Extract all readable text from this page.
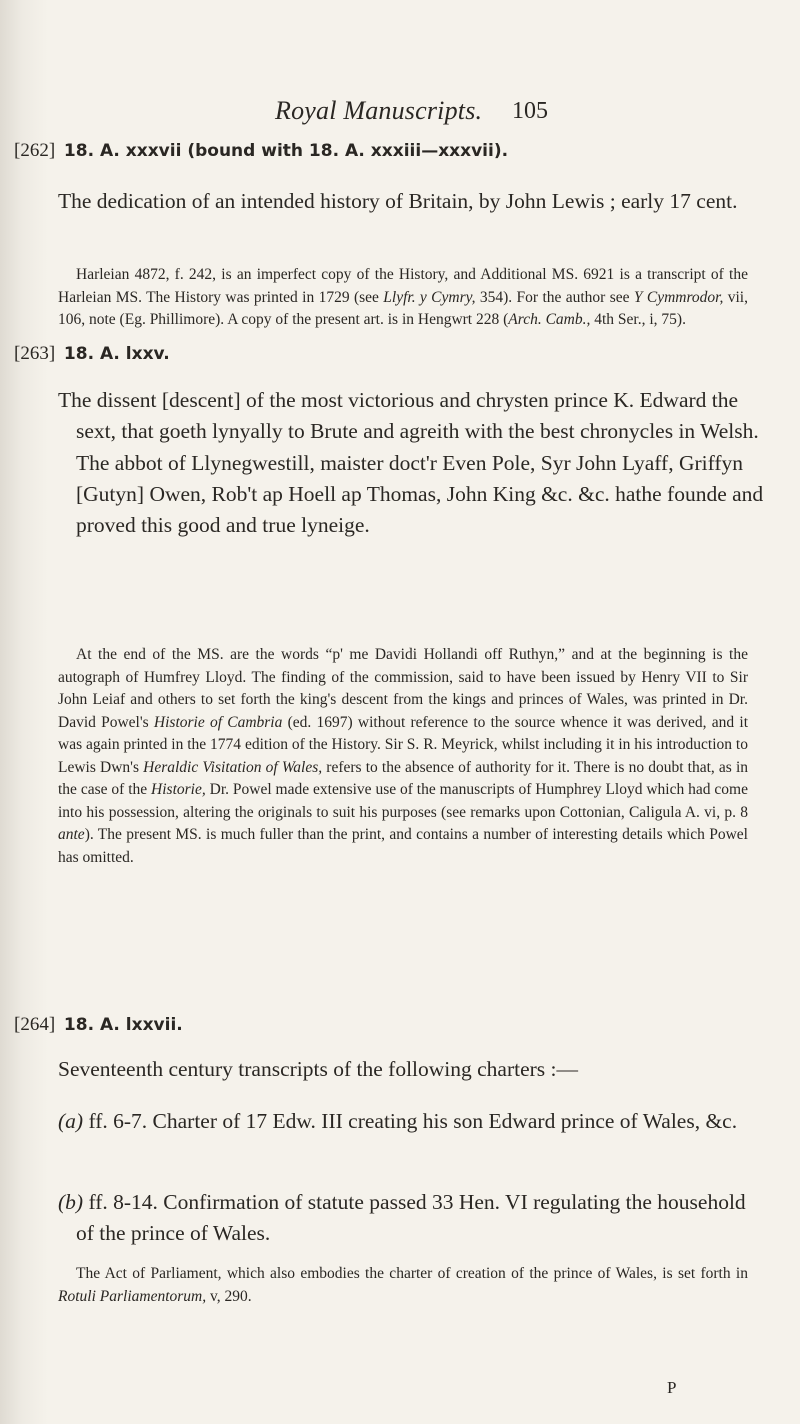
Royal Manuscripts. 105
[262] 18. A. xxxvii (bound with 18. A. xxxiii—xxxvii).
The dedication of an intended history of Britain, by John Lewis ; early 17 cent.

Harleian 4872, f. 242, is an imperfect copy of the History, and Additional MS. 6921 is a transcript of the Harleian MS. The History was printed in 1729 (see Llyfr. y Cymry, 354). For the author see Y Cymmrodor, vii, 106, note (Eg. Phillimore). A copy of the present art. is in Hengwrt 228 (Arch. Camb., 4th Ser., i, 75).

[263] 18. A. lxxv.
The dissent [descent] of the most victorious and chrysten prince K. Edward the sext, that goeth lynyally to Brute and agreith with the best chronycles in Welsh. The abbot of Llynegwestill, maister doct'r Even Pole, Syr John Lyaff, Griffyn [Gutyn] Owen, Rob't ap Hoell ap Thomas, John King &c. &c. hathe founde and proved this good and true lyneige.

At the end of the MS. are the words “p' me Davidi Hollandi off Ruthyn,” and at the beginning is the autograph of Humfrey Lloyd. The finding of the commission, said to have been issued by Henry VII to Sir John Leiaf and others to set forth the king's descent from the kings and princes of Wales, was printed in Dr. David Powel's Historie of Cambria (ed. 1697) without reference to the source whence it was derived, and it was again printed in the 1774 edition of the History. Sir S. R. Meyrick, whilst including it in his introduction to Lewis Dwn's Heraldic Visitation of Wales, refers to the absence of authority for it. There is no doubt that, as in the case of the Historie, Dr. Powel made extensive use of the manuscripts of Humphrey Lloyd which had come into his possession, altering the originals to suit his purposes (see remarks upon Cottonian, Caligula A. vi, p. 8 ante). The present MS. is much fuller than the print, and contains a number of interesting details which Powel has omitted.

[264] 18. A. lxxvii.
Seventeenth century transcripts of the following charters :—
(a) ff. 6-7. Charter of 17 Edw. III creating his son Edward prince of Wales, &c.
(b) ff. 8-14. Confirmation of statute passed 33 Hen. VI regulating the household of the prince of Wales.

The Act of Parliament, which also embodies the charter of creation of the prince of Wales, is set forth in Rotuli Parliamentorum, v, 290.

P
